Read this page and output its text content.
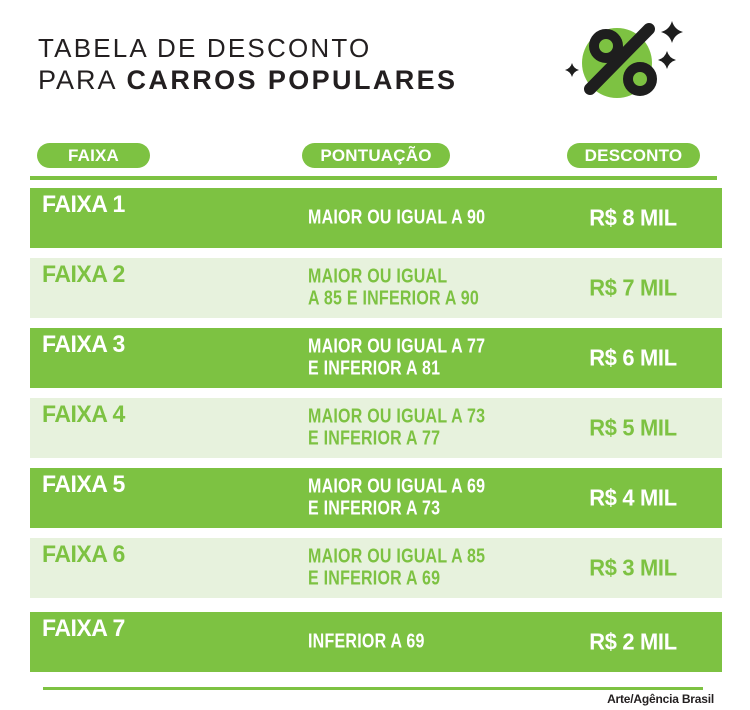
TABELA DE DESCONTO
PARA CARROS POPULARES
FAIXA	PONTUAÇÃO	DESCONTO
FAIXA 1	MAIOR OU IGUAL A 90	R$ 8 MIL
FAIXA 2	MAIOR OU IGUAL
A 85 E INFERIOR A 90	R$ 7 MIL
FAIXA 3	MAIOR OU IGUAL A 77
E INFERIOR A 81	R$ 6 MIL
FAIXA 4	MAIOR OU IGUAL A 73
E INFERIOR A 77	R$ 5 MIL
FAIXA 5	MAIOR OU IGUAL A 69
E INFERIOR A 73	R$ 4 MIL
FAIXA 6	MAIOR OU IGUAL A 85
E INFERIOR A 69	R$ 3 MIL
FAIXA 7	INFERIOR A 69	R$ 2 MIL
Arte/Agência Brasil
